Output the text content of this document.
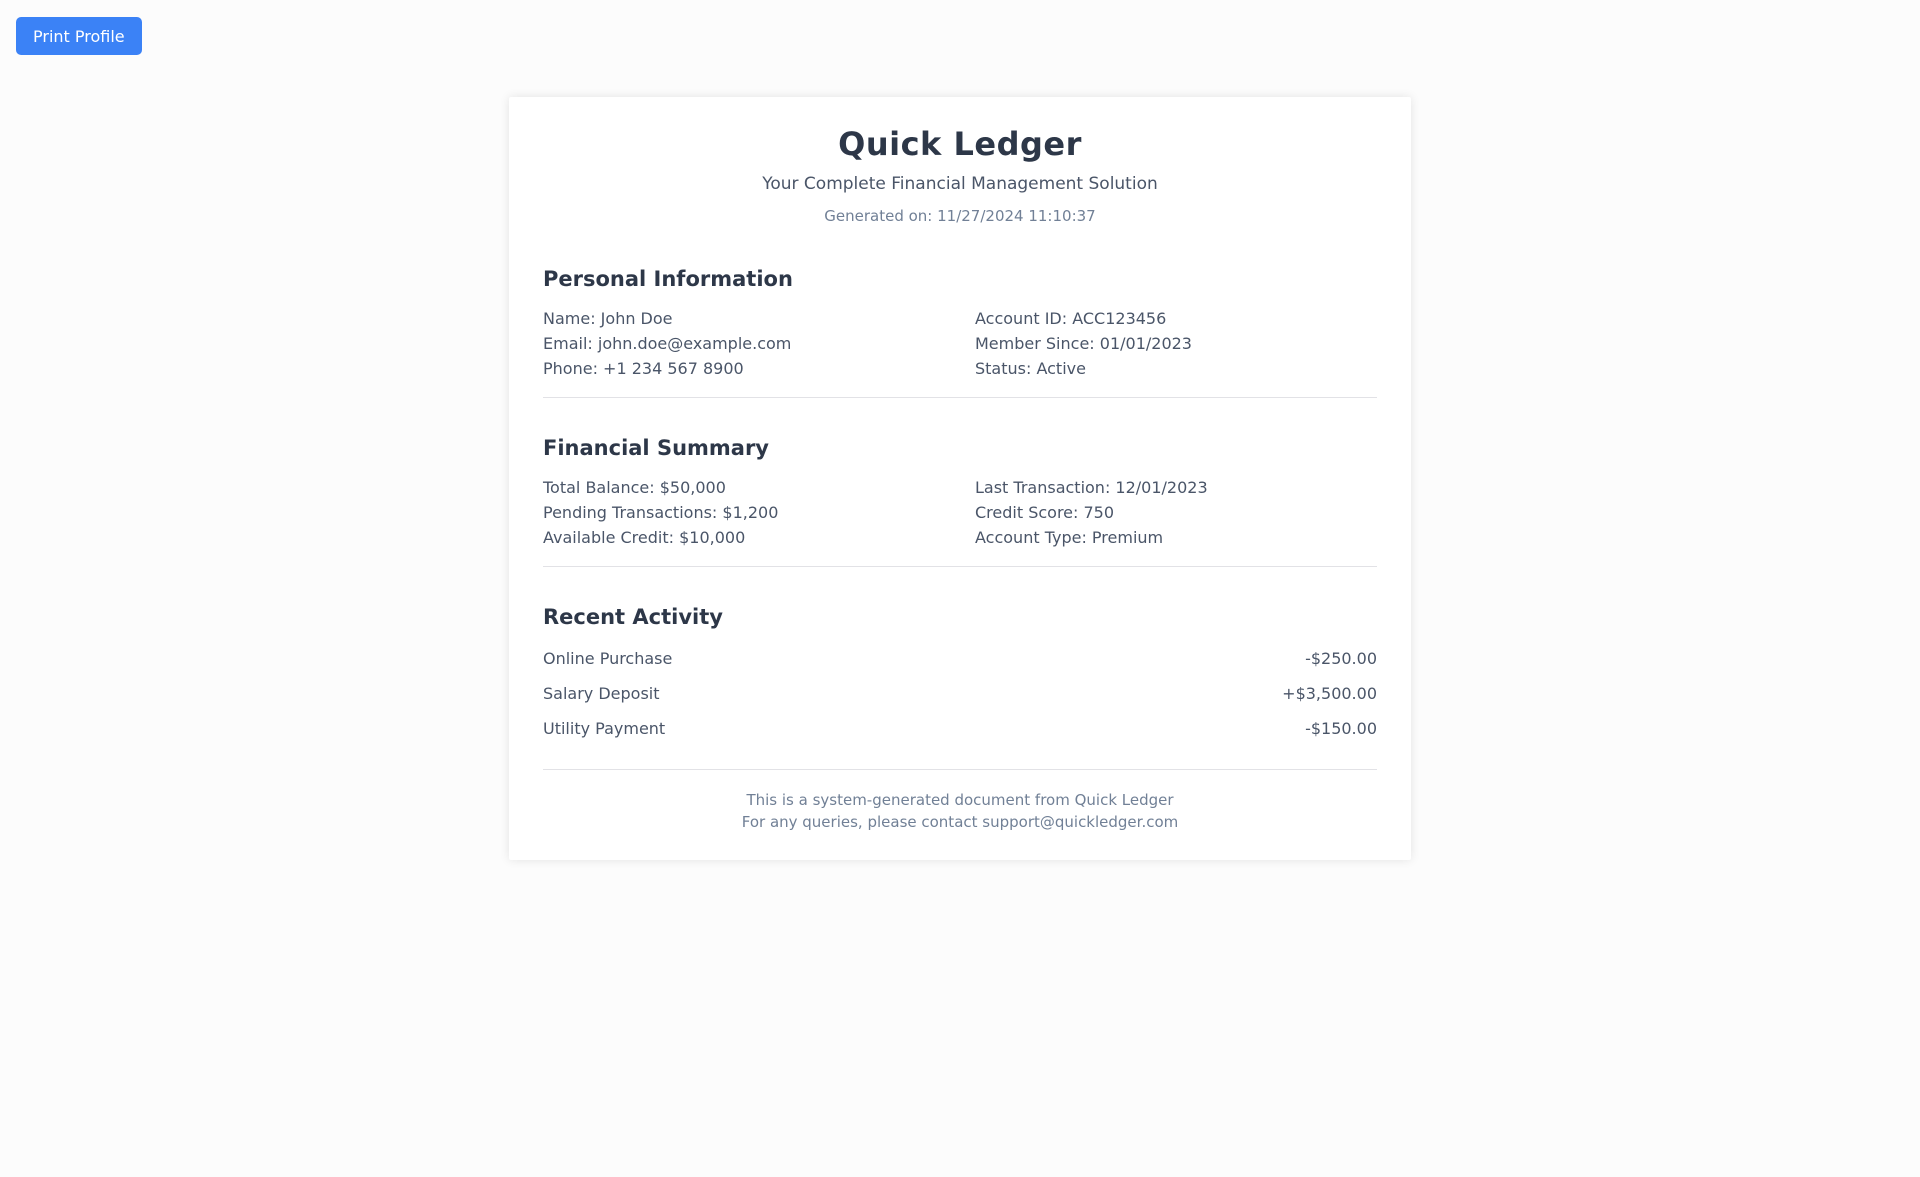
Print Profile
Quick Ledger

Your Complete Financial Management Solution

Generated on: 11/27/2024 11:10:37

Personal Information

Name: John Doe

Email: john.doe@example.com

Phone: +1 234 567 8900

Account ID: ACC123456

Member Since: 01/01/2023

Status: Active

Financial Summary

Total Balance: $50,000

Pending Transactions: $1,200

Available Credit: $10,000

Last Transaction: 12/01/2023

Credit Score: 750

Account Type: Premium

Recent Activity
Online Purchase	-$250.00
Salary Deposit	+$3,500.00
Utility Payment	-$150.00

This is a system-generated document from Quick Ledger

For any queries, please contact support@quickledger.com
